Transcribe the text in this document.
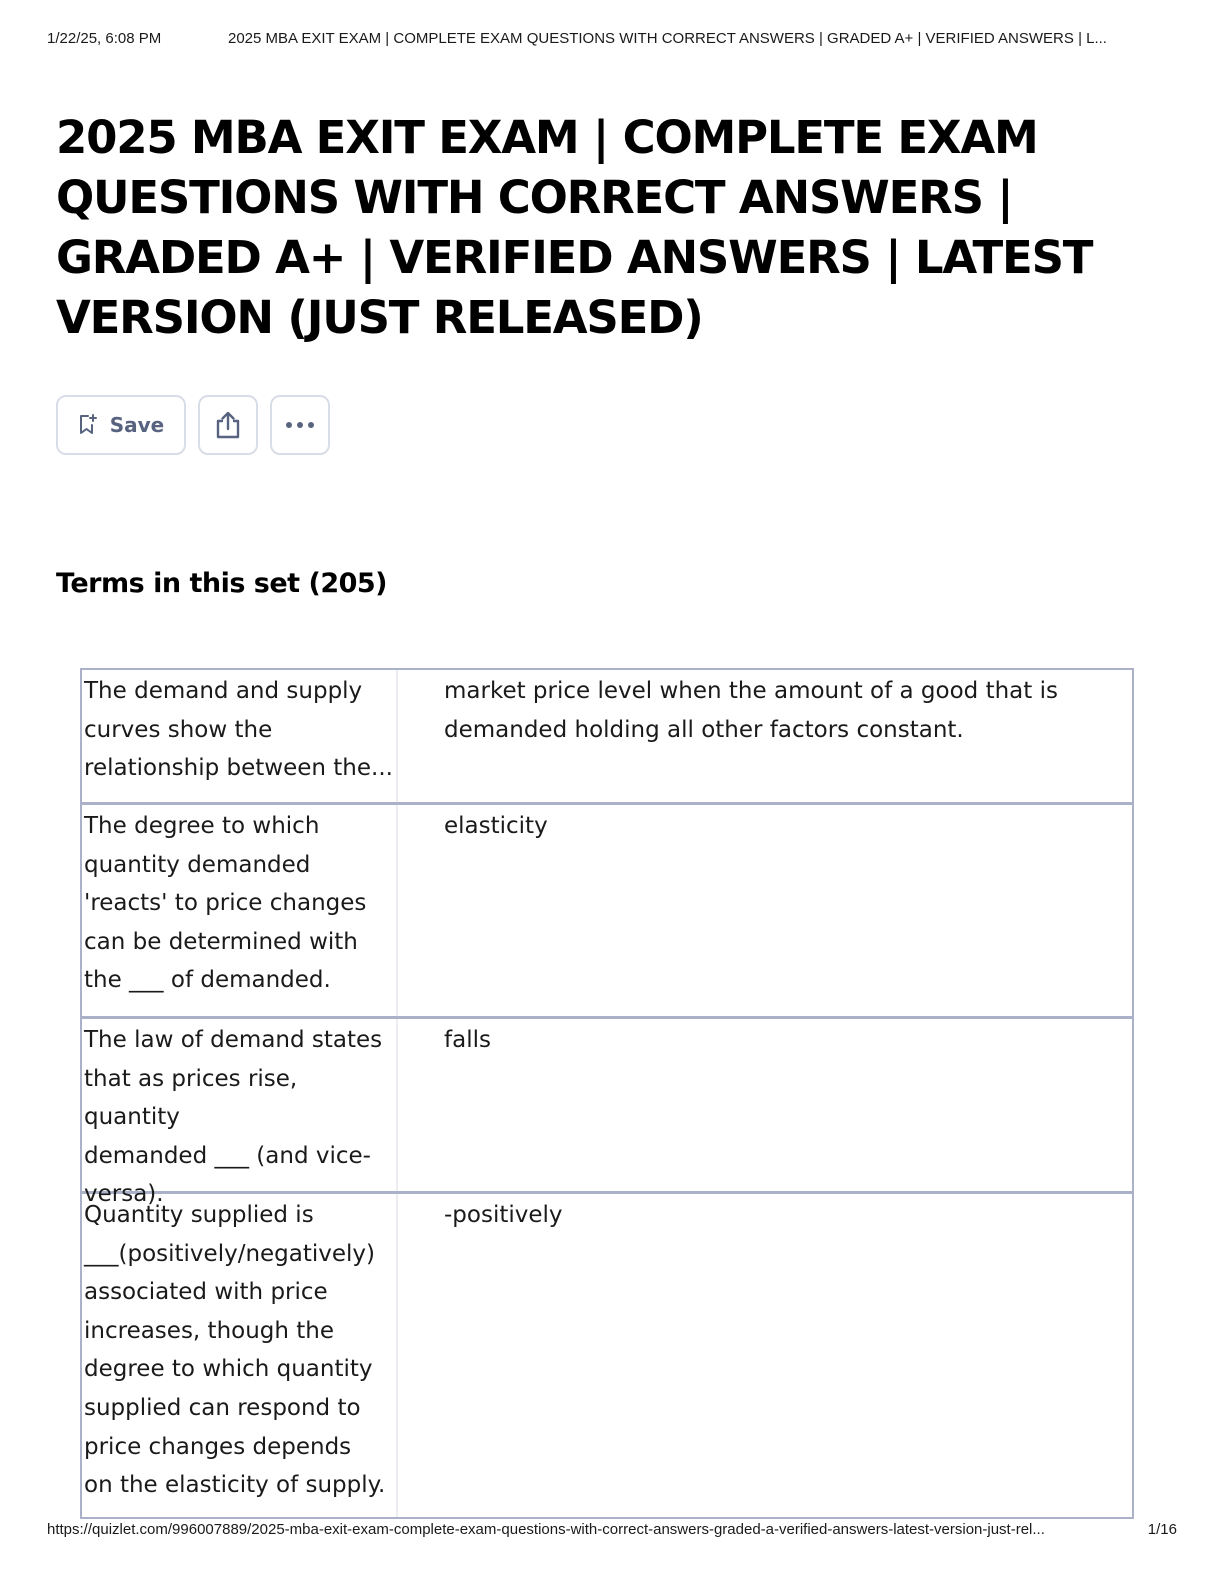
1/22/25, 6:08 PM	2025 MBA EXIT EXAM | COMPLETE EXAM QUESTIONS WITH CORRECT ANSWERS | GRADED A+ | VERIFIED ANSWERS | L...
2025 MBA EXIT EXAM | COMPLETE EXAM QUESTIONS WITH CORRECT ANSWERS | GRADED A+ | VERIFIED ANSWERS | LATEST VERSION (JUST RELEASED)
Save
Terms in this set (205)
The demand and supply
curves show the
relationship between the...
market price level when the amount of a good that is
demanded holding all other factors constant.
The degree to which
quantity demanded
'reacts' to price changes
can be determined with
the ___ of demanded.
elasticity
The law of demand states
that as prices rise, quantity
demanded ___ (and vice-
versa).
falls
Quantity supplied is
___(positively/negatively)
associated with price
increases, though the
degree to which quantity
supplied can respond to
price changes depends
on the elasticity of supply.
-positively
https://quizlet.com/996007889/2025-mba-exit-exam-complete-exam-questions-with-correct-answers-graded-a-verified-answers-latest-version-just-rel...	1/16
